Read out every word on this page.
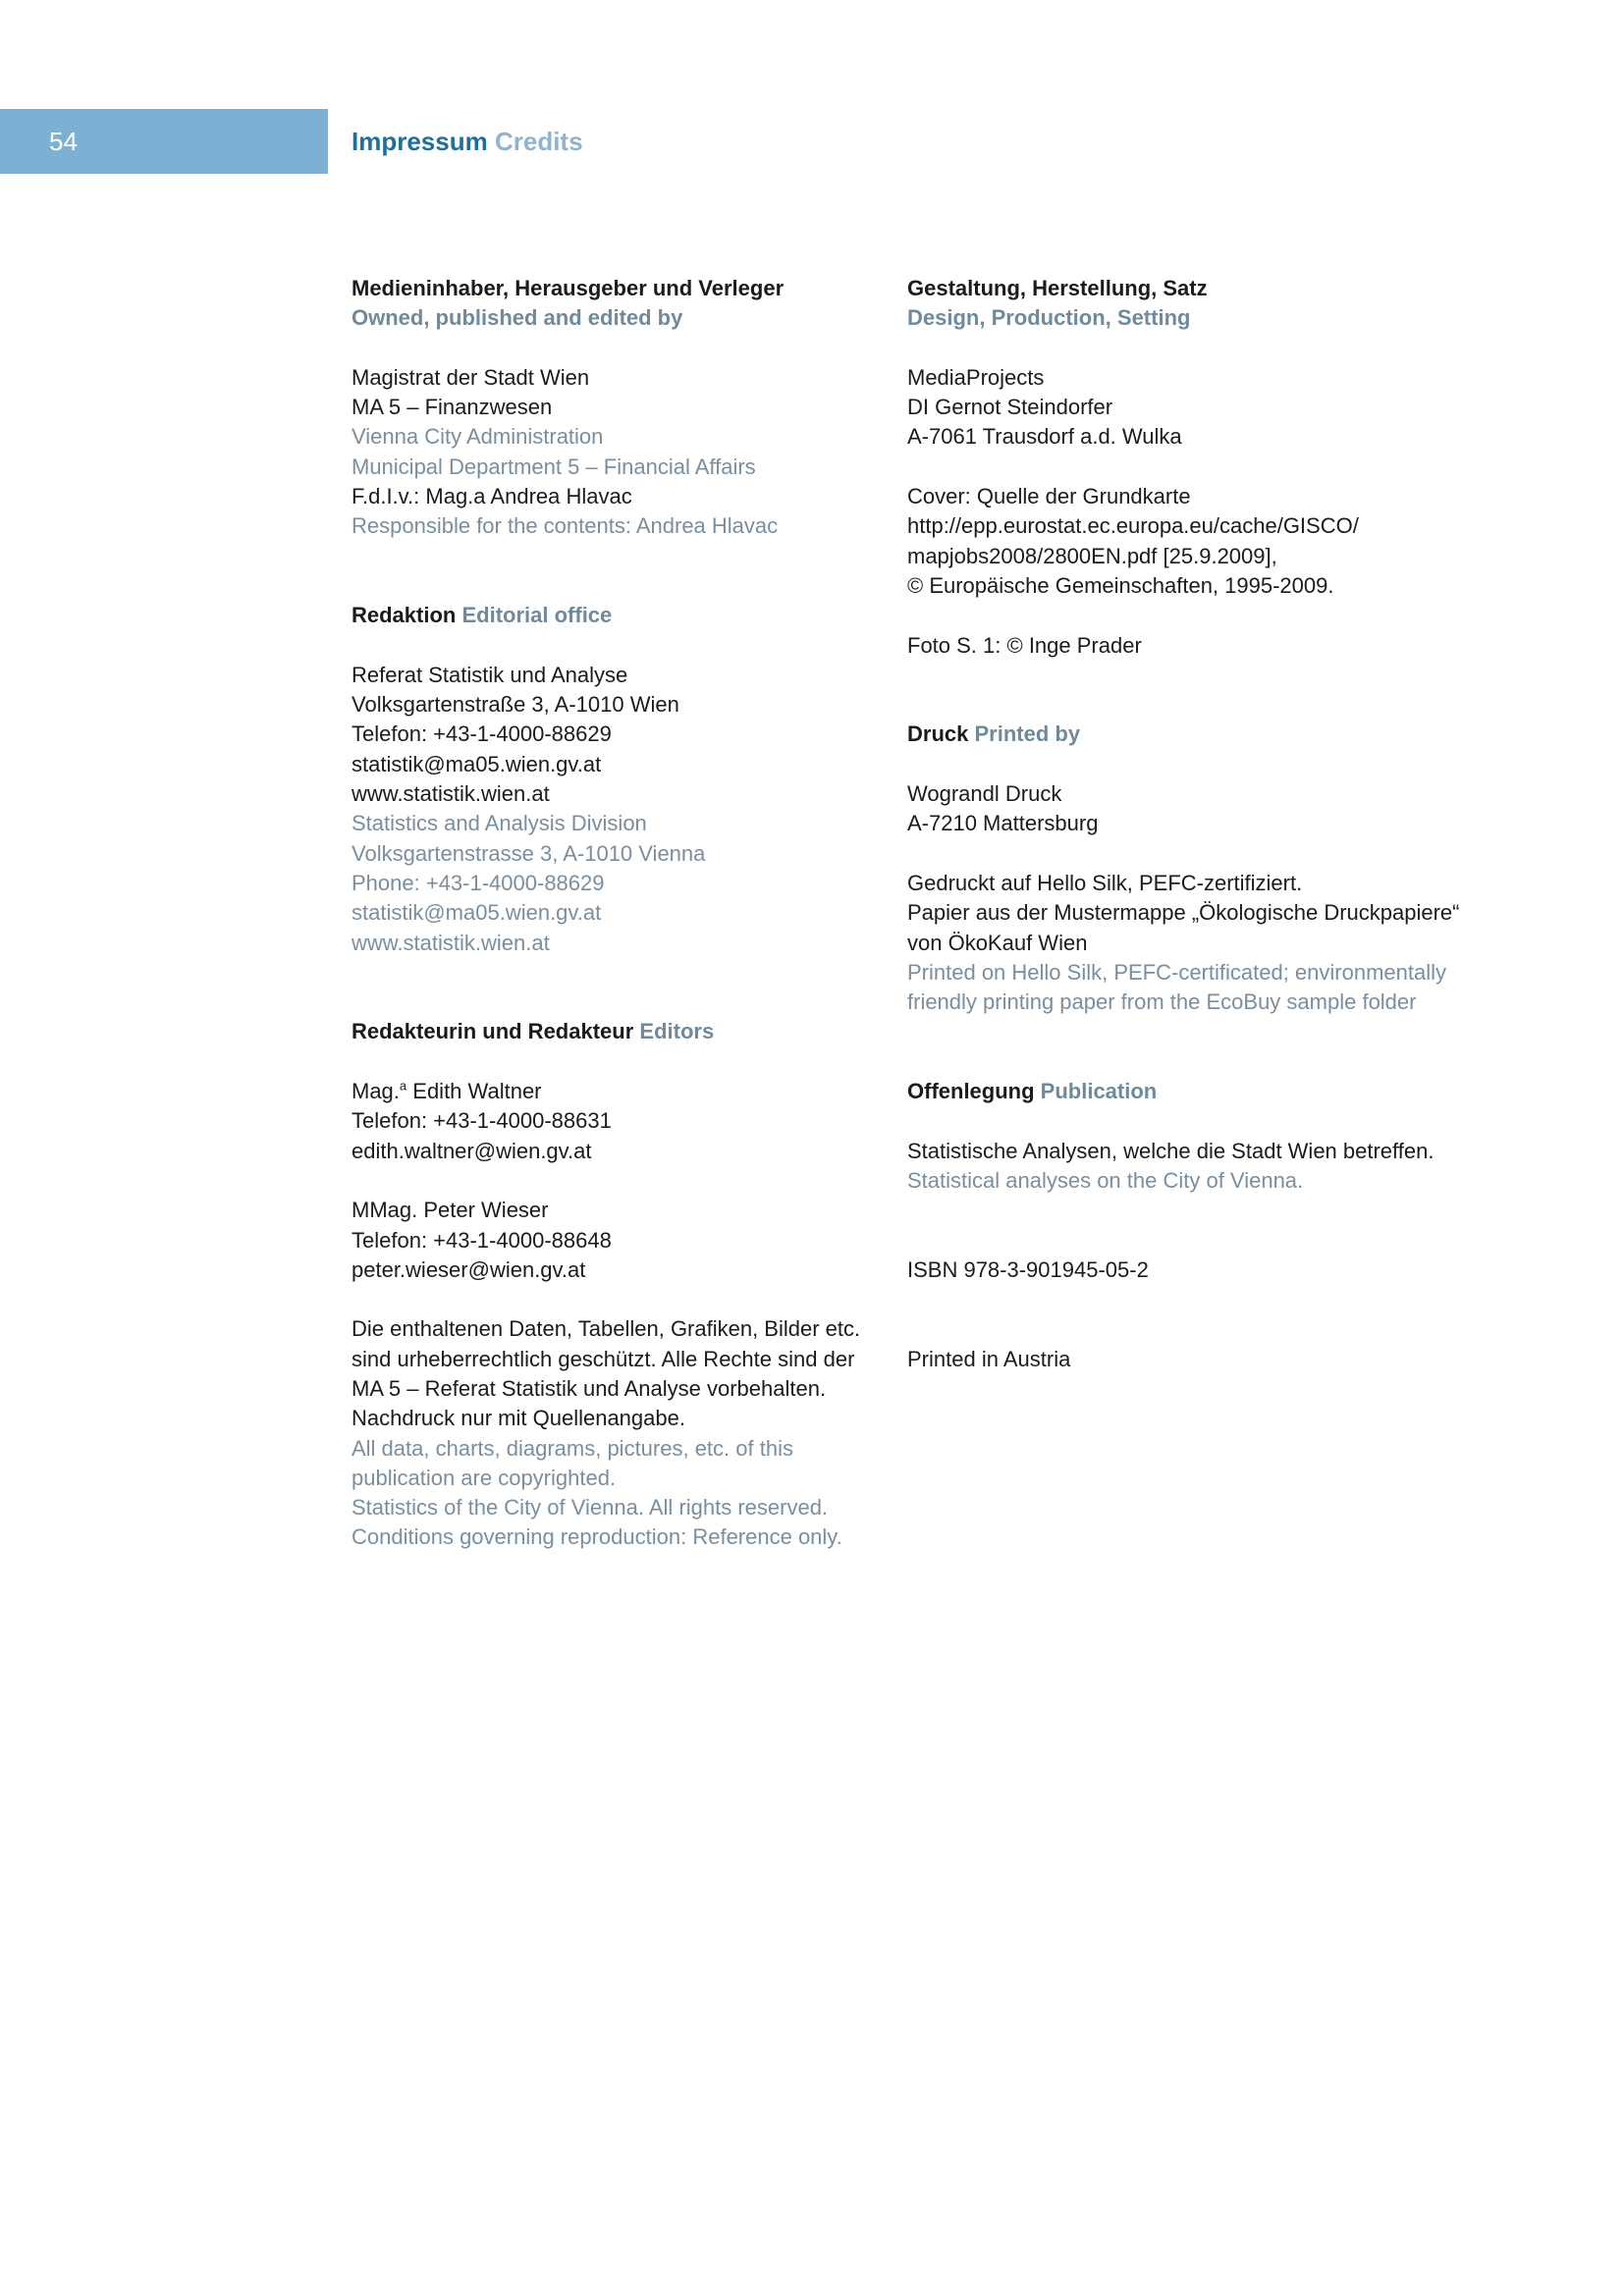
54	Impressum Credits
Medieninhaber, Herausgeber und Verleger
Owned, published and edited by
Magistrat der Stadt Wien
MA 5 – Finanzwesen
Vienna City Administration
Municipal Department 5 – Financial Affairs
F.d.I.v.: Mag.a Andrea Hlavac
Responsible for the contents: Andrea Hlavac
Redaktion Editorial office
Referat Statistik und Analyse
Volksgartenstraße 3, A-1010 Wien
Telefon: +43-1-4000-88629
statistik@ma05.wien.gv.at
www.statistik.wien.at
Statistics and Analysis Division
Volksgartenstrasse 3, A-1010 Vienna
Phone: +43-1-4000-88629
statistik@ma05.wien.gv.at
www.statistik.wien.at
Redakteurin und Redakteur Editors
Mag.$^a$ Edith Waltner
Telefon: +43-1-4000-88631
edith.waltner@wien.gv.at
MMag. Peter Wieser
Telefon: +43-1-4000-88648
peter.wieser@wien.gv.at
Die enthaltenen Daten, Tabellen, Grafiken, Bilder etc.
sind urheberrechtlich geschützt. Alle Rechte sind der
MA 5 – Referat Statistik und Analyse vorbehalten.
Nachdruck nur mit Quellenangabe.
All data, charts, diagrams, pictures, etc. of this
publication are copyrighted.
Statistics of the City of Vienna. All rights reserved.
Conditions governing reproduction: Reference only.
Gestaltung, Herstellung, Satz
Design, Production, Setting
MediaProjects
DI Gernot Steindorfer
A-7061 Trausdorf a.d. Wulka
Cover: Quelle der Grundkarte
http://epp.eurostat.ec.europa.eu/cache/GISCO/
mapjobs2008/2800EN.pdf [25.9.2009],
© Europäische Gemeinschaften, 1995-2009.
Foto S. 1: © Inge Prader
Druck Printed by
Wograndl Druck
A-7210 Mattersburg
Gedruckt auf Hello Silk, PEFC-zertifiziert.
Papier aus der Mustermappe „Ökologische Druckpapiere“
von ÖkoKauf Wien
Printed on Hello Silk, PEFC-certificated; environmentally
friendly printing paper from the EcoBuy sample folder
Offenlegung Publication
Statistische Analysen, welche die Stadt Wien betreffen.
Statistical analyses on the City of Vienna.
ISBN 978-3-901945-05-2
Printed in Austria
